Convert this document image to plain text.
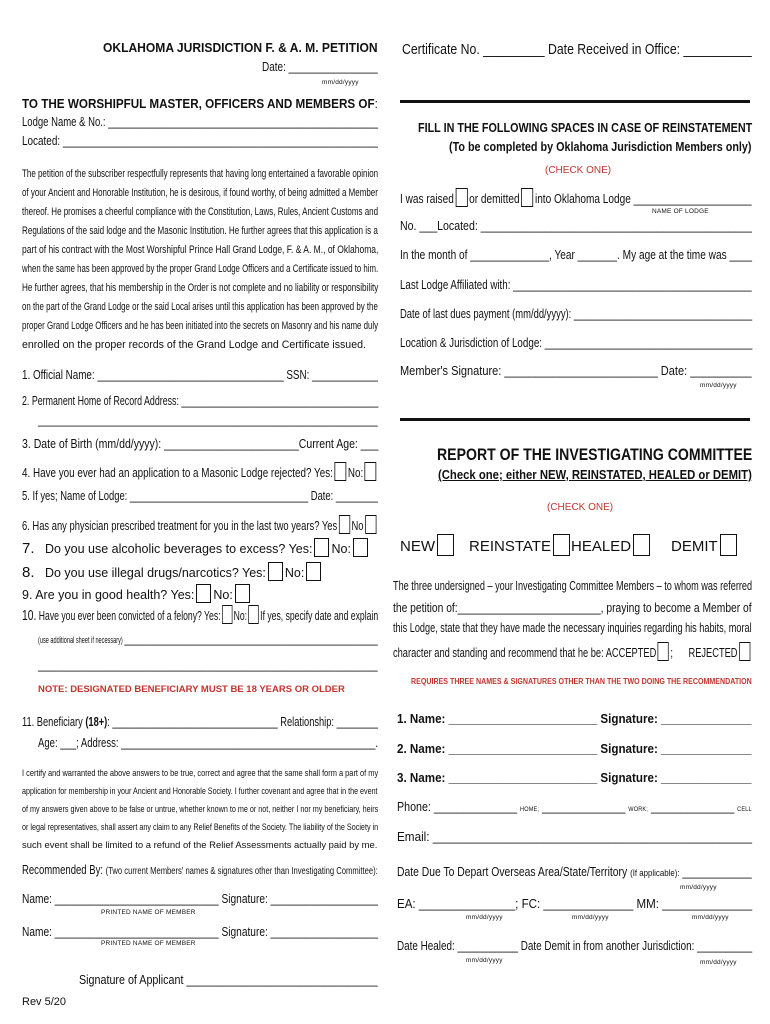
OKLAHOMA JURISDICTION F. & A. M. PETITION
Date: ________________
mm/dd/yyyy
TO THE WORSHIPFUL MASTER, OFFICERS AND MEMBERS OF:
Lodge Name & No.: ___________________________________________________
Located: _________________________________________________________
The petition of the subscriber respectfully represents that having long entertained a favorable opinion
of your Ancient and Honorable Institution, he is desirous, if found worthy, of being admitted a Member
thereof. He promises a cheerful compliance with the Constitution, Laws, Rules, Ancient Customs and
Regulations of the said lodge and the Masonic Institution. He further agrees that this application is a
part of his contract with the Most Worshipful Prince Hall Grand Lodge, F. & A. M., of Oklahoma,
when the same has been approved by the proper Grand Lodge Officers and a Certificate issued to him.
He further agrees, that his membership in the Order is not complete and no liability or responsibility
on the part of the Grand Lodge or the said Local arises until this application has been approved by the
proper Grand Lodge Officers and he has been initiated into the secrets on Masonry and his name duly
enrolled on the proper records of the Grand Lodge and Certificate issued.
1. Official Name: __________________________________ SSN: ____________
2. Permanent Home of Record Address: ________________________________________
_____________________________________________________________________
3. Date of Birth (mm/dd/yyyy): _______________________Current Age: ___
4. Have you ever had an application to a Masonic Lodge rejected? Yes: No:
5. If yes; Name of Lodge: __________________________________ Date: ________
6. Has any physician prescribed treatment for you in the last two years? Yes No
7. Do you use alcoholic beverages to excess? Yes: No:
8. Do you use illegal drugs/narcotics? Yes: No:
9. Are you in good health? Yes: No:
10. Have you ever been convicted of a felony? Yes: No: If yes, specify date and explain
(use additional sheet if necessary) ______________________________________________________________
_____________________________________________________________________
NOTE: DESIGNATED BENEFICIARY MUST BE 18 YEARS OR OLDER
11. Beneficiary (18+): ________________________________ Relationship: ________
Age: ___; Address: ________________________________________________.
I certify and warranted the above answers to be true, correct and agree that the same shall form a part of my
application for membership in your Ancient and Honorable Society. I further covenant and agree that in the event
of my answers given above to be false or untrue, whether known to me or not, neither I nor my beneficiary, heirs
or legal representatives, shall assert any claim to any Relief Benefits of the Society. The liability of the Society in
such event shall be limited to a refund of the Relief Assessments actually paid by me.
Recommended By: (Two current Members' names & signatures other than Investigating Committee):
Name: _____________________________ Signature: ___________________
PRINTED NAME OF MEMBER
Name: _____________________________ Signature: ___________________
PRINTED NAME OF MEMBER
Signature of Applicant ________________________________
Rev 5/20
Certificate No. _________ Date Received in Office: __________
FILL IN THE FOLLOWING SPACES IN CASE OF REINSTATEMENT
(To be completed by Oklahoma Jurisdiction Members only)
(CHECK ONE)
I was raised or demitted into Oklahoma Lodge _____________________
NAME OF LODGE
No. ___Located: ______________________________________________
In the month of ______________, Year _______. My age at the time was ____
Last Lodge Affiliated with: ____________________________________________
Date of last dues payment (mm/dd/yyyy): __________________________________
Location & Jurisdiction of Lodge: ______________________________________
Member's Signature: _________________________ Date: __________
mm/dd/yyyy
REPORT OF THE INVESTIGATING COMMITTEE
(Check one; either NEW, REINSTATED, HEALED or DEMIT)
(CHECK ONE)
NEW	REINSTATE	HEALED	DEMIT
The three undersigned – your Investigating Committee Members – to whom was referred
the petition of:_________________________, praying to become a Member of
this Lodge, state that they have made the necessary inquiries regarding his habits, moral
character and standing and recommend that he be: ACCEPTED ; REJECTED
REQUIRES THREE NAMES & SIGNATURES OTHER THAN THE TWO DOING THE RECOMMENDATION
1. Name: _______________________ Signature: ______________
2. Name: _______________________ Signature: ______________
3. Name: _______________________ Signature: ______________
Phone: ______________ HOME; ______________ WORK; ______________ CELL
Email: _________________________________________________
Date Due To Depart Overseas Area/State/Territory (If applicable): ____________
mm/dd/yyyy
EA: _______________; FC: ______________ MM: ______________
mm/dd/yyyy	mm/dd/yyyy	mm/dd/yyyy
Date Healed: ___________ Date Demit in from another Jurisdiction: __________
mm/dd/yyyy	mm/dd/yyyy
